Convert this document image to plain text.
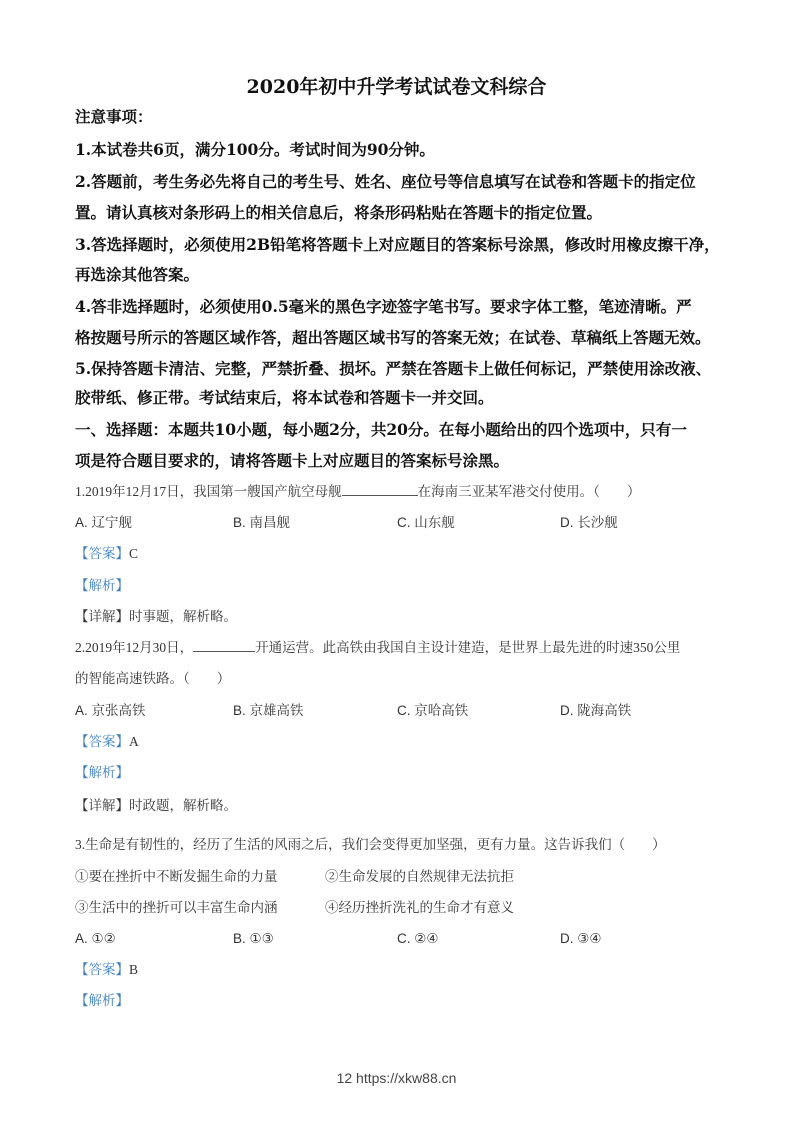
2020年初中升学考试试卷文科综合
注意事项：
1.本试卷共6页，满分100分。考试时间为90分钟。
2.答题前，考生务必先将自己的考生号、姓名、座位号等信息填写在试卷和答题卡的指定位
置。请认真核对条形码上的相关信息后，将条形码粘贴在答题卡的指定位置。
3.答选择题时，必须使用2B铅笔将答题卡上对应题目的答案标号涂黑，修改时用橡皮擦干净，
再选涂其他答案。
4.答非选择题时，必须使用0.5毫米的黑色字迹签字笔书写。要求字体工整，笔迹清晰。严
格按题号所示的答题区域作答，超出答题区域书写的答案无效；在试卷、草稿纸上答题无效。
5.保持答题卡清洁、完整，严禁折叠、损坏。严禁在答题卡上做任何标记，严禁使用涂改液、
胶带纸、修正带。考试结束后，将本试卷和答题卡一并交回。
一、选择题：本题共10小题，每小题2分，共20分。在每小题给出的四个选项中，只有一
项是符合题目要求的，请将答题卡上对应题目的答案标号涂黑。
1.2019年12月17日，我国第一艘国产航空母舰	在海南三亚某军港交付使用。（　　）
A. 辽宁舰	B. 南昌舰	C. 山东舰	D. 长沙舰
【答案】C
【解析】
【详解】时事题，解析略。
2.2019年12月30日，	开通运营。此高铁由我国自主设计建造，是世界上最先进的时速350公里
的智能高速铁路。（　　）
A. 京张高铁	B. 京雄高铁	C. 京哈高铁	D. 陇海高铁
【答案】A
【解析】
【详解】时政题，解析略。
3.生命是有韧性的，经历了生活的风雨之后，我们会变得更加坚强，更有力量。这告诉我们（　　）
①要在挫折中不断发掘生命的力量	②生命发展的自然规律无法抗拒
③生活中的挫折可以丰富生命内涵	④经历挫折洗礼的生命才有意义
A. ①②	B. ①③	C. ②④	D. ③④
【答案】B
【解析】
12 https://xkw88.cn
